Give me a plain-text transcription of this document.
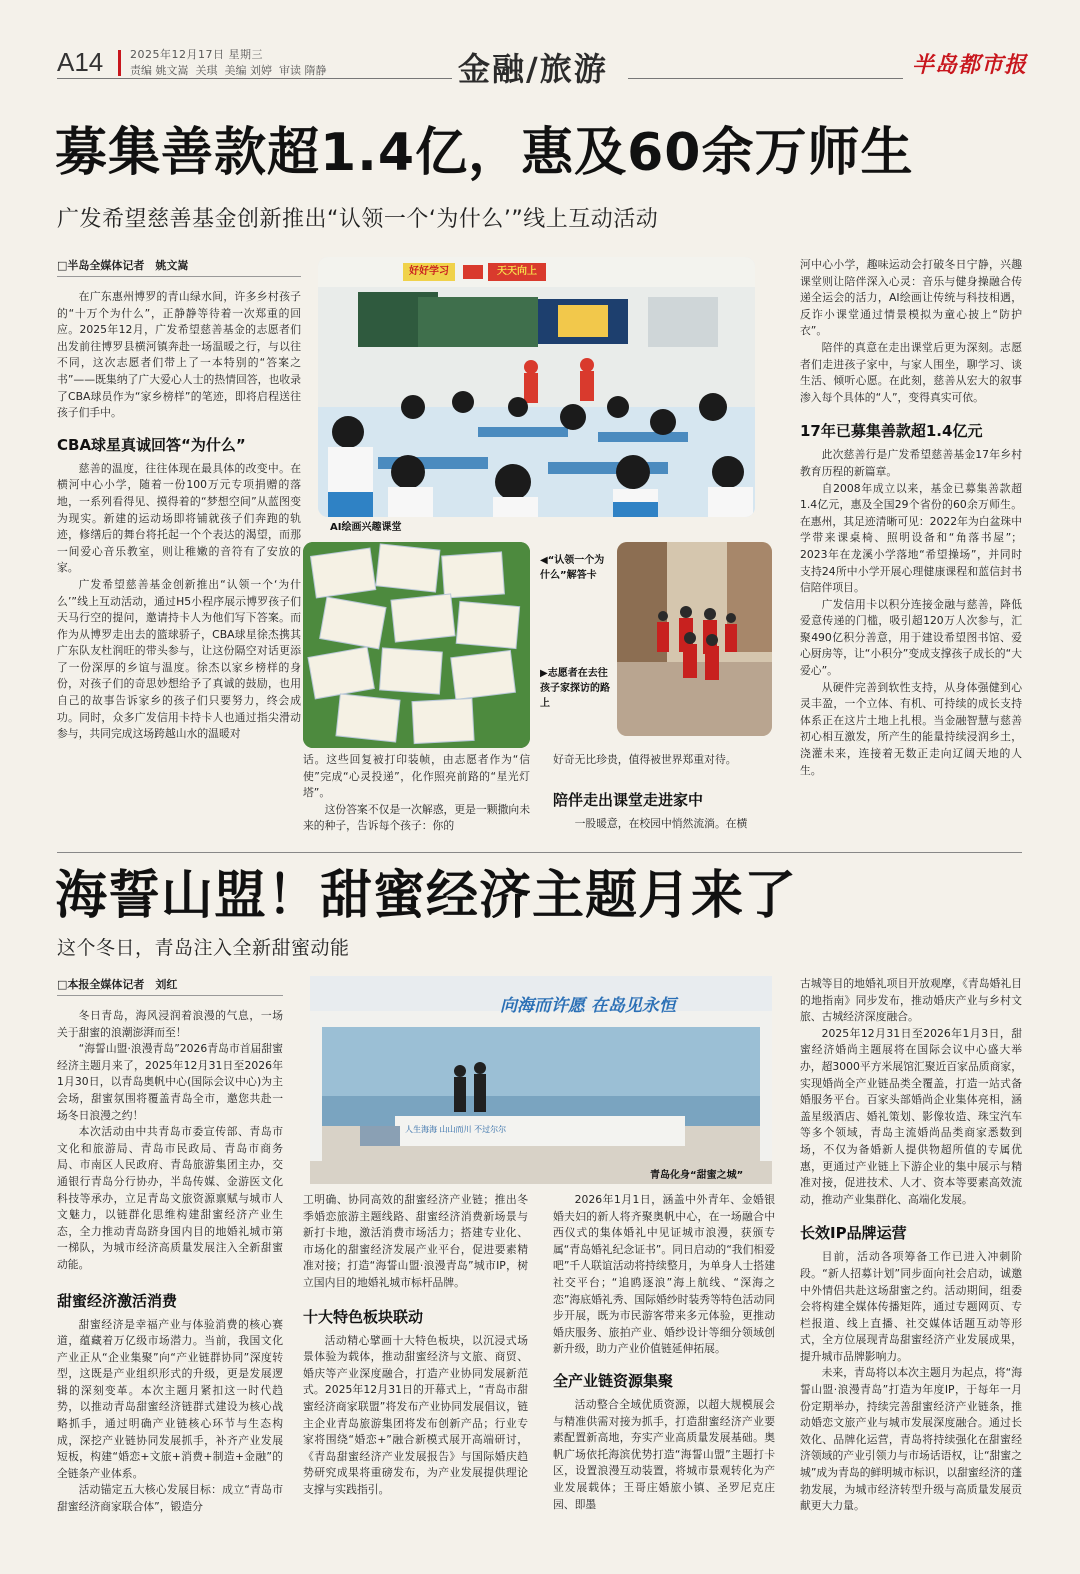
A14 2025年12月17日 星期三
责编 姚文嵩 关琪 美编 刘婷 审读 隋静	金融/旅游	半岛都市报
募集善款超1.4亿，惠及60余万师生
广发希望慈善基金创新推出“认领一个‘为什么’”线上互动活动
□半岛全媒体记者　姚文嵩

在广东惠州博罗的青山绿水间，许多乡村孩子的“十万个为什么”，正静静等待着一次郑重的回应。2025年12月，广发希望慈善基金的志愿者们出发前往博罗县横河镇奔赴一场温暖之行，与以往不同，这次志愿者们带上了一本特别的“答案之书”——既集纳了广大爱心人士的热情回答，也收录了CBA球员作为“家乡榜样”的笔迹，即将启程送往孩子们手中。

CBA球星真诚回答“为什么”

慈善的温度，往往体现在最具体的改变中。在横河中心小学，随着一份100万元专项捐赠的落地，一系列看得见、摸得着的“梦想空间”从蓝图变为现实。新建的运动场即将铺就孩子们奔跑的轨迹，修缮后的舞台将托起一个个表达的渴望，而那一间爱心音乐教室，则让稚嫩的音符有了安放的家。

广发希望慈善基金创新推出“认领一个‘为什么’”线上互动活动，通过H5小程序展示博罗孩子们天马行空的提问，邀请持卡人为他们写下答案。而作为从博罗走出去的篮球骄子，CBA球星徐杰携其广东队友杜润旺的带头参与，让这份隔空对话更添了一份深厚的乡谊与温度。徐杰以家乡榜样的身份，对孩子们的奇思妙想给予了真诚的鼓励，也用自己的故事告诉家乡的孩子们只要努力，终会成功。同时，众多广发信用卡持卡人也通过指尖滑动参与，共同完成这场跨越山水的温暖对

好好学习	天天向上
AI绘画兴趣课堂
◀“认领一个为什么”解答卡
▶志愿者在去往孩子家探访的路上

话。这些回复被打印装帧，由志愿者作为“信使”完成“心灵投递”，化作照亮前路的“星光灯塔”。

这份答案不仅是一次解惑，更是一颗撒向未来的种子，告诉每个孩子：你的

好奇无比珍贵，值得被世界郑重对待。

陪伴走出课堂走进家中

一股暖意，在校园中悄然流淌。在横

河中心小学，趣味运动会打破冬日宁静，兴趣课堂则让陪伴深入心灵：音乐与健身操融合传递全运会的活力，AI绘画让传统与科技相遇，反诈小课堂通过情景模拟为童心披上“防护衣”。

陪伴的真意在走出课堂后更为深刻。志愿者们走进孩子家中，与家人围坐，聊学习、谈生活、倾听心愿。在此刻，慈善从宏大的叙事渗入每个具体的“人”，变得真实可依。

17年已募集善款超1.4亿元

此次慈善行是广发希望慈善基金17年乡村教育历程的新篇章。

自2008年成立以来，基金已募集善款超1.4亿元，惠及全国29个省份的60余万师生。在惠州，其足迹清晰可见：2022年为白盆珠中学带来课桌椅、照明设备和“角落书屋”；2023年在龙溪小学落地“希望操场”，并同时支持24所中小学开展心理健康课程和蓝信封书信陪伴项目。

广发信用卡以积分连接金融与慈善，降低爱意传递的门槛，吸引超120万人次参与，汇聚490亿积分善意，用于建设希望图书馆、爱心厨房等，让“小积分”变成支撑孩子成长的“大爱心”。

从硬件完善到软性支持，从身体强健到心灵丰盈，一个立体、有机、可持续的成长支持体系正在这片土地上扎根。当金融智慧与慈善初心相互激发，所产生的能量持续浸润乡土，浇灌未来，连接着无数正走向辽阔天地的人生。

海誓山盟！甜蜜经济主题月来了
这个冬日，青岛注入全新甜蜜动能
□本报全媒体记者　刘红

冬日青岛，海风浸润着浪漫的气息，一场关于甜蜜的浪潮澎湃而至！

“海誓山盟·浪漫青岛”2026青岛市首届甜蜜经济主题月来了，2025年12月31日至2026年1月30日，以青岛奥帆中心(国际会议中心)为主会场，甜蜜氛围将覆盖青岛全市，邀您共赴一场冬日浪漫之约！

本次活动由中共青岛市委宣传部、青岛市文化和旅游局、青岛市民政局、青岛市商务局、市南区人民政府、青岛旅游集团主办，交通银行青岛分行协办，半岛传媒、金游医文化科技等承办，立足青岛文旅资源禀赋与城市人文魅力，以链群化思维构建甜蜜经济产业生态，全力推动青岛跻身国内目的地婚礼城市第一梯队，为城市经济高质量发展注入全新甜蜜动能。

甜蜜经济激活消费

甜蜜经济是幸福产业与体验消费的核心赛道，蕴藏着万亿级市场潜力。当前，我国文化产业正从“企业集聚”向“产业链群协同”深度转型，这既是产业组织形式的升级，更是发展逻辑的深刻变革。本次主题月紧扣这一时代趋势，以推动青岛甜蜜经济链群式建设为核心战略抓手，通过明确产业链核心环节与生态构成，深挖产业链协同发展抓手，补齐产业发展短板，构建“婚恋+文旅+消费+制造+金融”的全链条产业体系。

活动锚定五大核心发展目标：成立“青岛市甜蜜经济商家联合体”，锻造分

向海而许愿 在岛见永恒
人生海海 山山而川 不过尔尔
青岛化身“甜蜜之城”

工明确、协同高效的甜蜜经济产业链；推出冬季婚恋旅游主题线路、甜蜜经济消费新场景与新打卡地，激活消费市场活力；搭建专业化、市场化的甜蜜经济发展产业平台，促进要素精准对接；打造“海誓山盟·浪漫青岛”城市IP，树立国内目的地婚礼城市标杆品牌。

十大特色板块联动

活动精心擘画十大特色板块，以沉浸式场景体验为载体，推动甜蜜经济与文旅、商贸、婚庆等产业深度融合，打造产业协同发展新范式。2025年12月31日的开幕式上，“青岛市甜蜜经济商家联盟”将发布产业协同发展倡议，链主企业青岛旅游集团将发布创新产品；行业专家将围绕“婚恋+”融合新模式展开高端研讨，《青岛甜蜜经济产业发展报告》与国际婚庆趋势研究成果将重磅发布，为产业发展提供理论支撑与实践指引。

2026年1月1日，涵盖中外青年、金婚银婚夫妇的新人将齐聚奥帆中心，在一场融合中西仪式的集体婚礼中见证城市浪漫，获颁专属“青岛婚礼纪念证书”。同日启动的“我们相爱吧”千人联谊活动将持续整月，为单身人士搭建社交平台；“追鸥逐浪”海上航线、“深海之恋”海底婚礼秀、国际婚纱时装秀等特色活动同步开展，既为市民游客带来多元体验，更推动婚庆服务、旅拍产业、婚纱设计等细分领域创新升级，助力产业价值链延伸拓展。

全产业链资源集聚

活动整合全域优质资源，以超大规模展会与精准供需对接为抓手，打造甜蜜经济产业要素配置新高地，夯实产业高质量发展基础。奥帆广场依托海滨优势打造“海誓山盟”主题打卡区，设置浪漫互动装置，将城市景观转化为产业发展载体；王哥庄婚旅小镇、圣罗尼克庄园、即墨

古城等目的地婚礼项目开放观摩，《青岛婚礼目的地指南》同步发布，推动婚庆产业与乡村文旅、古城经济深度融合。

2025年12月31日至2026年1月3日，甜蜜经济婚尚主题展将在国际会议中心盛大举办，超3000平方米展馆汇聚近百家品质商家，实现婚尚全产业链品类全覆盖，打造一站式备婚服务平台。百家头部婚尚企业集体亮相，涵盖星级酒店、婚礼策划、影像妆造、珠宝汽车等多个领域，青岛主流婚尚品类商家悉数到场，不仅为备婚新人提供物超所值的专属优惠，更通过产业链上下游企业的集中展示与精准对接，促进技术、人才、资本等要素高效流动，推动产业集群化、高端化发展。

长效IP品牌运营

目前，活动各项筹备工作已进入冲刺阶段。“新人招募计划”同步面向社会启动，诚邀中外情侣共赴这场甜蜜之约。活动期间，组委会将构建全媒体传播矩阵，通过专题网页、专栏报道、线上直播、社交媒体话题互动等形式，全方位展现青岛甜蜜经济产业发展成果，提升城市品牌影响力。

未来，青岛将以本次主题月为起点，将“海誓山盟·浪漫青岛”打造为年度IP，于每年一月份定期举办，持续完善甜蜜经济产业链条，推动婚恋文旅产业与城市发展深度融合。通过长效化、品牌化运营，青岛将持续强化在甜蜜经济领域的产业引领力与市场话语权，让“甜蜜之城”成为青岛的鲜明城市标识，以甜蜜经济的蓬勃发展，为城市经济转型升级与高质量发展贡献更大力量。
